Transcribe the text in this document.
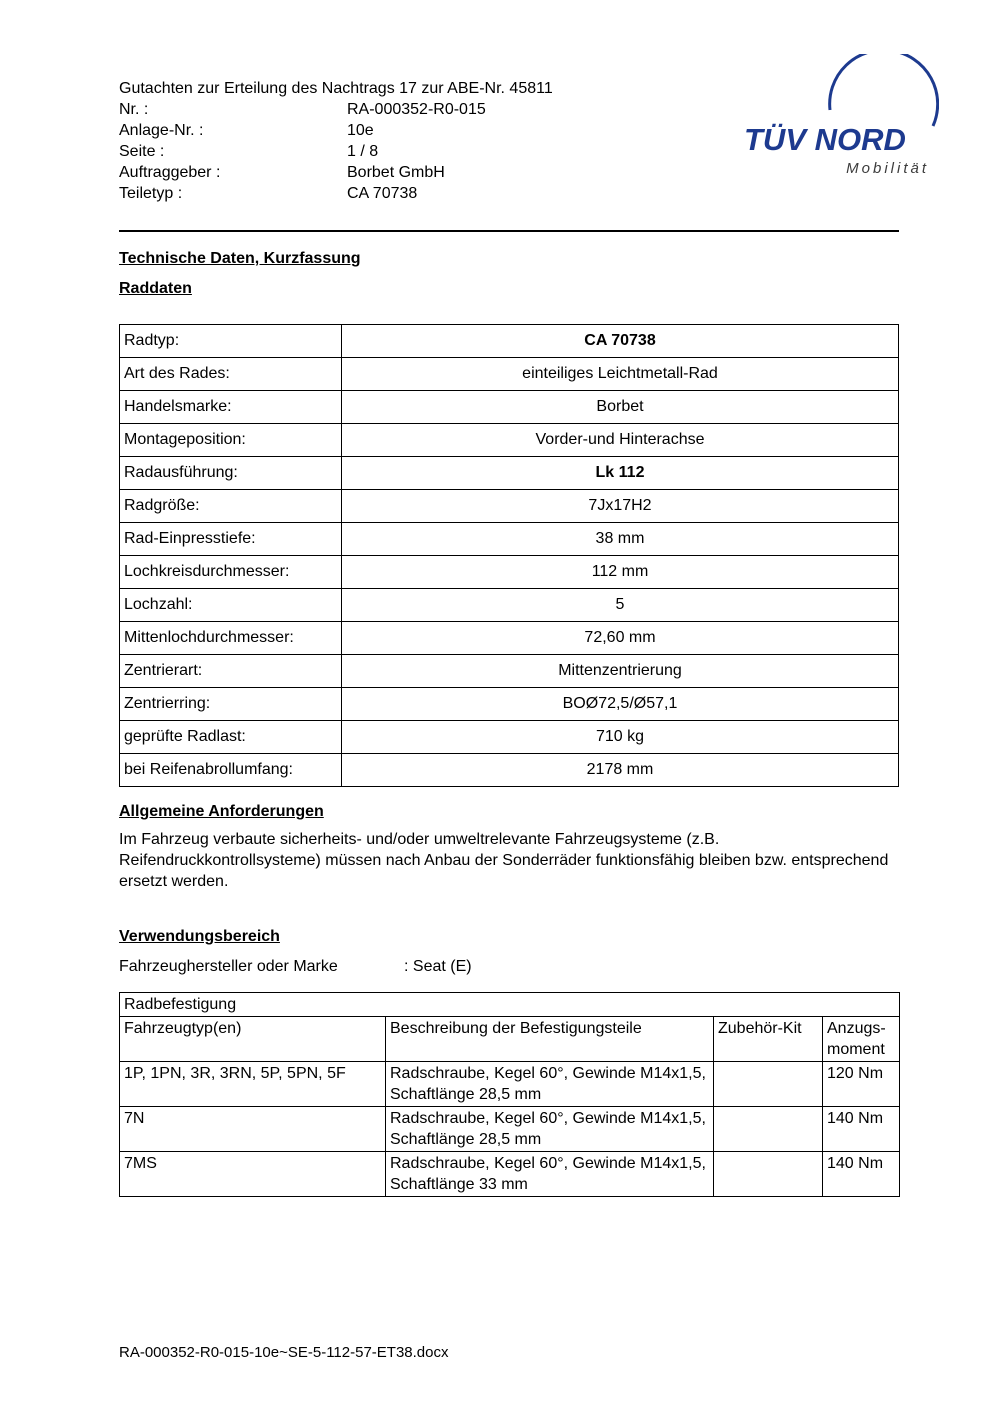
Gutachten zur Erteilung des Nachtrags 17 zur ABE-Nr. 45811
Nr. :	RA-000352-R0-015
Anlage-Nr. :	10e
Seite :	1 / 8
Auftraggeber :	Borbet GmbH
Teiletyp :	CA 70738
TÜV NORD
Mobilität
Technische Daten, Kurzfassung
Raddaten
Radtyp:	CA 70738
Art des Rades:	einteiliges Leichtmetall-Rad
Handelsmarke:	Borbet
Montageposition:	Vorder-und Hinterachse
Radausführung:	Lk 112
Radgröße:	7Jx17H2
Rad-Einpresstiefe:	38 mm
Lochkreisdurchmesser:	112 mm
Lochzahl:	5
Mittenlochdurchmesser:	72,60 mm
Zentrierart:	Mittenzentrierung
Zentrierring:	BOØ72,5/Ø57,1
geprüfte Radlast:	710 kg
bei Reifenabrollumfang:	2178 mm
Allgemeine Anforderungen

Im Fahrzeug verbaute sicherheits- und/oder umweltrelevante Fahrzeugsysteme (z.B. Reifendruckkontrollsysteme) müssen nach Anbau der Sonderräder funktionsfähig bleiben bzw. entsprechend ersetzt werden.

Verwendungsbereich
Fahrzeughersteller oder Marke	: Seat (E)
Radbefestigung			
Fahrzeugtyp(en)	Beschreibung der Befestigungsteile	Zubehör-Kit	Anzugs-moment
1P, 1PN, 3R, 3RN, 5P, 5PN, 5F	Radschraube, Kegel 60°, Gewinde M14x1,5, Schaftlänge 28,5 mm		120 Nm
7N	Radschraube, Kegel 60°, Gewinde M14x1,5, Schaftlänge 28,5 mm		140 Nm
7MS	Radschraube, Kegel 60°, Gewinde M14x1,5, Schaftlänge 33 mm		140 Nm
RA-000352-R0-015-10e~SE-5-112-57-ET38.docx
